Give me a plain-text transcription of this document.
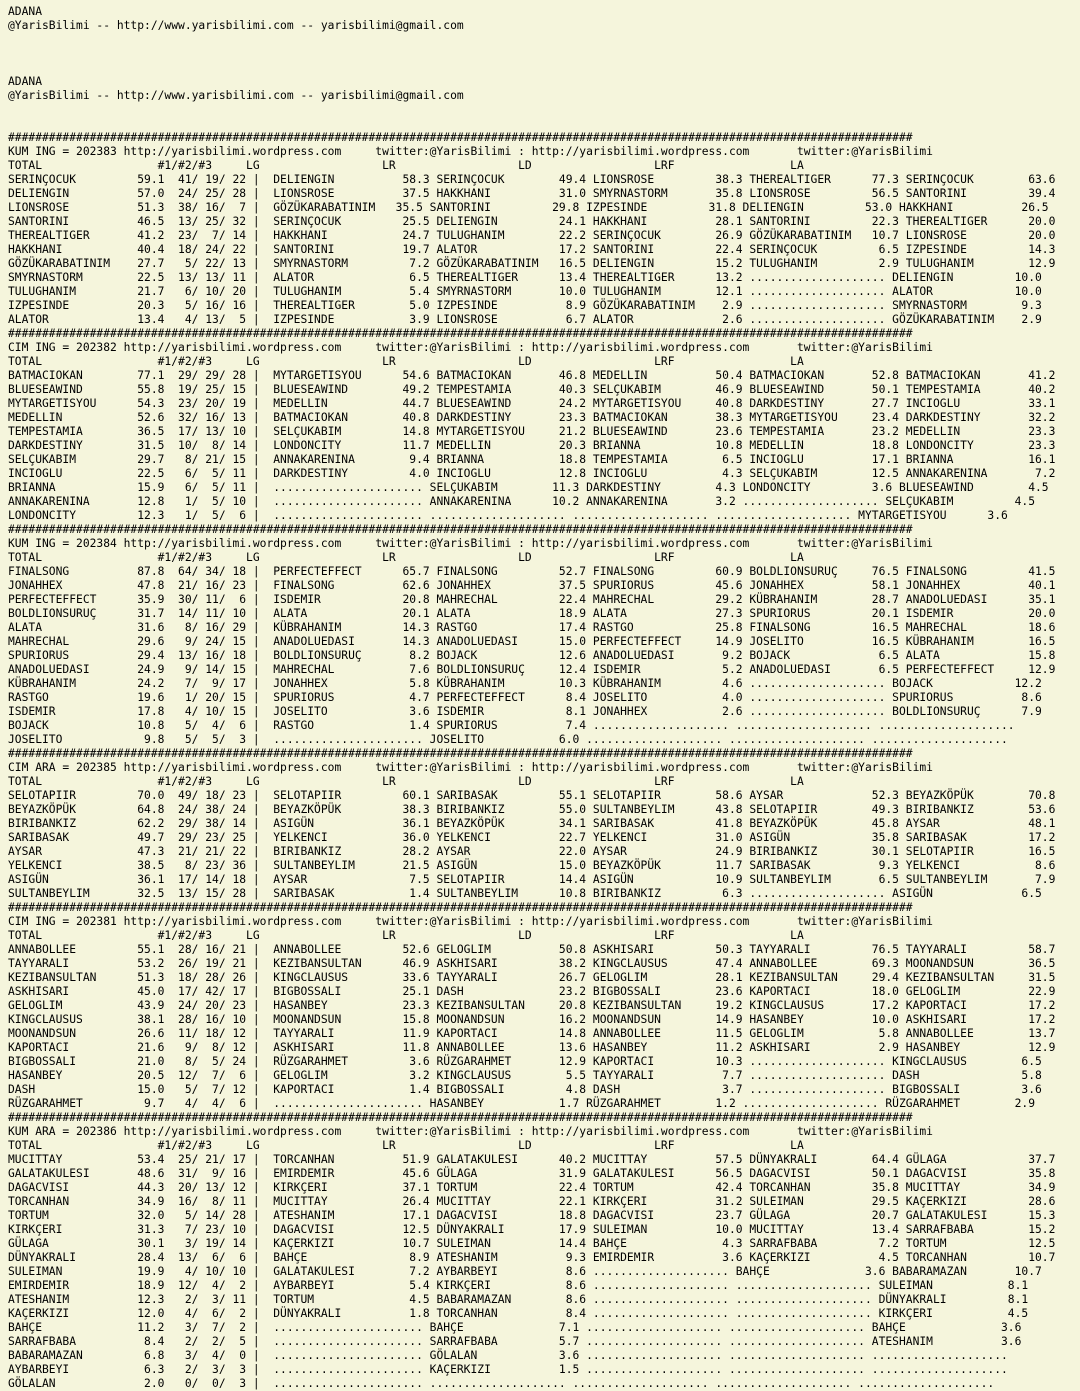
ADANA
@YarisBilimi -- http://www.yarisbilimi.com -- yarisbilimi@gmail.com

ADANA
@YarisBilimi -- http://www.yarisbilimi.com -- yarisbilimi@gmail.com

#####################################################################################################################################
KUM ING = 202383 http://yarisbilimi.wordpress.com     twitter:@YarisBilimi : http://yarisbilimi.wordpress.com       twitter:@YarisBilimi
TOTAL                 #1/#2/#3     LG                  LR                  LD                  LRF                 LA
SERINÇOCUK         59.1  41/ 19/ 22 |  DELIENGIN          58.3 SERINÇOCUK        49.4 LIONSROSE         38.3 THEREALTIGER      77.3 SERINÇOCUK        63.6
DELIENGIN          57.0  24/ 25/ 28 |  LIONSROSE          37.5 HAKKHANI          31.0 SMYRNASTORM       35.8 LIONSROSE         56.5 SANTORINI         39.4
LIONSROSE          51.3  38/ 16/  7 |  GÖZÜKARABATINIM   35.5 SANTORINI         29.8 IZPESINDE         31.8 DELIENGIN         53.0 HAKKHANI          26.5
SANTORINI          46.5  13/ 25/ 32 |  SERINÇOCUK         25.5 DELIENGIN         24.1 HAKKHANI          28.1 SANTORINI         22.3 THEREALTIGER      20.0
THEREALTIGER       41.2  23/  7/ 14 |  HAKKHANI           24.7 TULUGHANIM        22.2 SERINÇOCUK        26.9 GÖZÜKARABATINIM   10.7 LIONSROSE         20.0
HAKKHANI           40.4  18/ 24/ 22 |  SANTORINI          19.7 ALATOR            17.2 SANTORINI         22.4 SERINÇOCUK         6.5 IZPESINDE         14.3
GÖZÜKARABATINIM    27.7   5/ 22/ 13 |  SMYRNASTORM         7.2 GÖZÜKARABATINIM   16.5 DELIENGIN         15.2 TULUGHANIM         2.9 TULUGHANIM        12.9
SMYRNASTORM        22.5  13/ 13/ 11 |  ALATOR              6.5 THEREALTIGER      13.4 THEREALTIGER      13.2 .................... DELIENGIN         10.0
TULUGHANIM         21.7   6/ 10/ 20 |  TULUGHANIM          5.4 SMYRNASTORM       10.0 TULUGHANIM        12.1 .................... ALATOR            10.0
IZPESINDE          20.3   5/ 16/ 16 |  THEREALTIGER        5.0 IZPESINDE          8.9 GÖZÜKARABATINIM    2.9 .................... SMYRNASTORM        9.3
ALATOR             13.4   4/ 13/  5 |  IZPESINDE           3.9 LIONSROSE          6.7 ALATOR             2.6 .................... GÖZÜKARABATINIM    2.9
#####################################################################################################################################
CIM ING = 202382 http://yarisbilimi.wordpress.com     twitter:@YarisBilimi : http://yarisbilimi.wordpress.com       twitter:@YarisBilimi
TOTAL                 #1/#2/#3     LG                  LR                  LD                  LRF                 LA
BATMACIOKAN        77.1  29/ 29/ 28 |  MYTARGETISYOU      54.6 BATMACIOKAN       46.8 MEDELLIN          50.4 BATMACIOKAN       52.8 BATMACIOKAN       41.2
BLUESEAWIND        55.8  19/ 25/ 15 |  BLUESEAWIND        49.2 TEMPESTAMIA       40.3 SELÇUKABIM        46.9 BLUESEAWIND       50.1 TEMPESTAMIA       40.2
MYTARGETISYOU      54.3  23/ 20/ 19 |  MEDELLIN           44.7 BLUESEAWIND       24.2 MYTARGETISYOU     40.8 DARKDESTINY       27.7 INCIOGLU          33.1
MEDELLIN           52.6  32/ 16/ 13 |  BATMACIOKAN        40.8 DARKDESTINY       23.3 BATMACIOKAN       38.3 MYTARGETISYOU     23.4 DARKDESTINY       32.2
TEMPESTAMIA        36.5  17/ 13/ 10 |  SELÇUKABIM         14.8 MYTARGETISYOU     21.2 BLUESEAWIND       23.6 TEMPESTAMIA       23.2 MEDELLIN          23.3
DARKDESTINY        31.5  10/  8/ 14 |  LONDONCITY         11.7 MEDELLIN          20.3 BRIANNA           10.8 MEDELLIN          18.8 LONDONCITY        23.3
SELÇUKABIM         29.7   8/ 21/ 15 |  ANNAKARENINA        9.4 BRIANNA           18.8 TEMPESTAMIA        6.5 INCIOGLU          17.1 BRIANNA           16.1
INCIOGLU           22.5   6/  5/ 11 |  DARKDESTINY         4.0 INCIOGLU          12.8 INCIOGLU           4.3 SELÇUKABIM        12.5 ANNAKARENINA       7.2
BRIANNA            15.9   6/  5/ 11 |  ...................... SELÇUKABIM        11.3 DARKDESTINY        4.3 LONDONCITY         3.6 BLUESEAWIND        4.5
ANNAKARENINA       12.8   1/  5/ 10 |  ...................... ANNAKARENINA      10.2 ANNAKARENINA       3.2 .................... SELÇUKABIM         4.5
LONDONCITY         12.3   1/  5/  6 |  ...................... .................... .................... .................... MYTARGETISYOU      3.6
#####################################################################################################################################
KUM ING = 202384 http://yarisbilimi.wordpress.com     twitter:@YarisBilimi : http://yarisbilimi.wordpress.com       twitter:@YarisBilimi
TOTAL                 #1/#2/#3     LG                  LR                  LD                  LRF                 LA
FINALSONG          87.8  64/ 34/ 18 |  PERFECTEFFECT      65.7 FINALSONG         52.7 FINALSONG         60.9 BOLDLIONSURUÇ     76.5 FINALSONG         41.5
JONAHHEX           47.8  21/ 16/ 23 |  FINALSONG          62.6 JONAHHEX          37.5 SPURIORUS         45.6 JONAHHEX          58.1 JONAHHEX          40.1
PERFECTEFFECT      35.9  30/ 11/  6 |  ISDEMIR            20.8 MAHRECHAL         22.4 MAHRECHAL         29.2 KÜBRAHANIM        28.7 ANADOLUEDASI      35.1
BOLDLIONSURUÇ      31.7  14/ 11/ 10 |  ALATA              20.1 ALATA             18.9 ALATA             27.3 SPURIORUS         20.1 ISDEMIR           20.0
ALATA              31.6   8/ 16/ 29 |  KÜBRAHANIM         14.3 RASTGO            17.4 RASTGO            25.8 FINALSONG         16.5 MAHRECHAL         18.6
MAHRECHAL          29.6   9/ 24/ 15 |  ANADOLUEDASI       14.3 ANADOLUEDASI      15.0 PERFECTEFFECT     14.9 JOSELITO          16.5 KÜBRAHANIM        16.5
SPURIORUS          29.4  13/ 16/ 18 |  BOLDLIONSURUÇ       8.2 BOJACK            12.6 ANADOLUEDASI       9.2 BOJACK             6.5 ALATA             15.8
ANADOLUEDASI       24.9   9/ 14/ 15 |  MAHRECHAL           7.6 BOLDLIONSURUÇ     12.4 ISDEMIR            5.2 ANADOLUEDASI       6.5 PERFECTEFFECT     12.9
KÜBRAHANIM         24.2   7/  9/ 17 |  JONAHHEX            5.8 KÜBRAHANIM        10.3 KÜBRAHANIM         4.6 .................... BOJACK            12.2
RASTGO             19.6   1/ 20/ 15 |  SPURIORUS           4.7 PERFECTEFFECT      8.4 JOSELITO           4.0 .................... SPURIORUS          8.6
ISDEMIR            17.8   4/ 10/ 15 |  JOSELITO            3.6 ISDEMIR            8.1 JONAHHEX           2.6 .................... BOLDLIONSURUÇ      7.9
BOJACK             10.8   5/  4/  6 |  RASTGO              1.4 SPURIORUS          7.4 .................... .................... ....................
JOSELITO            9.8   5/  5/  3 |  ...................... JOSELITO           6.0 .................... .................... ....................
#####################################################################################################################################
CIM ARA = 202385 http://yarisbilimi.wordpress.com     twitter:@YarisBilimi : http://yarisbilimi.wordpress.com       twitter:@YarisBilimi
TOTAL                 #1/#2/#3     LG                  LR                  LD                  LRF                 LA
SELOTAPIIR         70.0  49/ 18/ 23 |  SELOTAPIIR         60.1 SARIBASAK         55.1 SELOTAPIIR        58.6 AYSAR             52.3 BEYAZKÖPÜK        70.8
BEYAZKÖPÜK         64.8  24/ 38/ 24 |  BEYAZKÖPÜK         38.3 BIRIBANKIZ        55.0 SULTANBEYLIM      43.8 SELOTAPIIR        49.3 BIRIBANKIZ        53.6
BIRIBANKIZ         62.2  29/ 38/ 14 |  ASIGÜN             36.1 BEYAZKÖPÜK        34.1 SARIBASAK         41.8 BEYAZKÖPÜK        45.8 AYSAR             48.1
SARIBASAK          49.7  29/ 23/ 25 |  YELKENCI           36.0 YELKENCI          22.7 YELKENCI          31.0 ASIGÜN            35.8 SARIBASAK         17.2
AYSAR              47.3  21/ 21/ 22 |  BIRIBANKIZ         28.2 AYSAR             22.0 AYSAR             24.9 BIRIBANKIZ        30.1 SELOTAPIIR        16.5
YELKENCI           38.5   8/ 23/ 36 |  SULTANBEYLIM       21.5 ASIGÜN            15.0 BEYAZKÖPÜK        11.7 SARIBASAK          9.3 YELKENCI           8.6
ASIGÜN             36.1  17/ 14/ 18 |  AYSAR               7.5 SELOTAPIIR        14.4 ASIGÜN            10.9 SULTANBEYLIM       6.5 SULTANBEYLIM       7.9
SULTANBEYLIM       32.5  13/ 15/ 28 |  SARIBASAK           1.4 SULTANBEYLIM      10.8 BIRIBANKIZ         6.3 .................... ASIGÜN             6.5
#####################################################################################################################################
CIM ING = 202381 http://yarisbilimi.wordpress.com     twitter:@YarisBilimi : http://yarisbilimi.wordpress.com       twitter:@YarisBilimi
TOTAL                 #1/#2/#3     LG                  LR                  LD                  LRF                 LA
ANNABOLLEE         55.1  28/ 16/ 21 |  ANNABOLLEE         52.6 GELOGLIM          50.8 ASKHISARI         50.3 TAYYARALI         76.5 TAYYARALI         58.7
TAYYARALI          53.2  26/ 19/ 21 |  KEZIBANSULTAN      46.9 ASKHISARI         38.2 KINGCLAUSUS       47.4 ANNABOLLEE        69.3 MOONANDSUN        36.5
KEZIBANSULTAN      51.3  18/ 28/ 26 |  KINGCLAUSUS        33.6 TAYYARALI         26.7 GELOGLIM          28.1 KEZIBANSULTAN     29.4 KEZIBANSULTAN     31.5
ASKHISARI          45.0  17/ 42/ 17 |  BIGBOSSALI         25.1 DASH              23.2 BIGBOSSALI        23.6 KAPORTACI         18.0 GELOGLIM          22.9
GELOGLIM           43.9  24/ 20/ 23 |  HASANBEY           23.3 KEZIBANSULTAN     20.8 KEZIBANSULTAN     19.2 KINGCLAUSUS       17.2 KAPORTACI         17.2
KINGCLAUSUS        38.1  28/ 16/ 10 |  MOONANDSUN         15.8 MOONANDSUN        16.2 MOONANDSUN        14.9 HASANBEY          10.0 ASKHISARI         17.2
MOONANDSUN         26.6  11/ 18/ 12 |  TAYYARALI          11.9 KAPORTACI         14.8 ANNABOLLEE        11.5 GELOGLIM           5.8 ANNABOLLEE        13.7
KAPORTACI          21.6   9/  8/ 12 |  ASKHISARI          11.8 ANNABOLLEE        13.6 HASANBEY          11.2 ASKHISARI          2.9 HASANBEY          12.9
BIGBOSSALI         21.0   8/  5/ 24 |  RÜZGARAHMET         3.6 RÜZGARAHMET       12.9 KAPORTACI         10.3 .................... KINGCLAUSUS        6.5
HASANBEY           20.5  12/  7/  6 |  GELOGLIM            3.2 KINGCLAUSUS        5.5 TAYYARALI          7.7 .................... DASH               5.8
DASH               15.0   5/  7/ 12 |  KAPORTACI           1.4 BIGBOSSALI         4.8 DASH               3.7 .................... BIGBOSSALI         3.6
RÜZGARAHMET         9.7   4/  4/  6 |  ...................... HASANBEY           1.7 RÜZGARAHMET        1.2 .................... RÜZGARAHMET        2.9
#####################################################################################################################################
KUM ARA = 202386 http://yarisbilimi.wordpress.com     twitter:@YarisBilimi : http://yarisbilimi.wordpress.com       twitter:@YarisBilimi
TOTAL                 #1/#2/#3     LG                  LR                  LD                  LRF                 LA
MUCITTAY           53.4  25/ 21/ 17 |  TORCANHAN          51.9 GALATAKULESI      40.2 MUCITTAY          57.5 DÜNYAKRALI        64.4 GÜLAGA            37.7
GALATAKULESI       48.6  31/  9/ 16 |  EMIRDEMIR          45.6 GÜLAGA            31.9 GALATAKULESI      56.5 DAGACVISI         50.1 DAGACVISI         35.8
DAGACVISI          44.3  20/ 13/ 12 |  KIRKÇERI           37.1 TORTUM            22.4 TORTUM            42.4 TORCANHAN         35.8 MUCITTAY          34.9
TORCANHAN          34.9  16/  8/ 11 |  MUCITTAY           26.4 MUCITTAY          22.1 KIRKÇERI          31.2 SULEIMAN          29.5 KAÇERKIZI         28.6
TORTUM             32.0   5/ 14/ 28 |  ATESHANIM          17.1 DAGACVISI         18.8 DAGACVISI         23.7 GÜLAGA            20.7 GALATAKULESI      15.3
KIRKÇERI           31.3   7/ 23/ 10 |  DAGACVISI          12.5 DÜNYAKRALI        17.9 SULEIMAN          10.0 MUCITTAY          13.4 SARRAFBABA        15.2
GÜLAGA             30.1   3/ 19/ 14 |  KAÇERKIZI          10.7 SULEIMAN          14.4 BAHÇE              4.3 SARRAFBABA         7.2 TORTUM            12.5
DÜNYAKRALI         28.4  13/  6/  6 |  BAHÇE               8.9 ATESHANIM          9.3 EMIRDEMIR          3.6 KAÇERKIZI          4.5 TORCANHAN         10.7
SULEIMAN           19.9   4/ 10/ 10 |  GALATAKULESI        7.2 AYBARBEYI          8.6 .................... BAHÇE              3.6 BABARAMAZAN       10.7
EMIRDEMIR          18.9  12/  4/  2 |  AYBARBEYI           5.4 KIRKÇERI           8.6 .................... .................... SULEIMAN           8.1
ATESHANIM          12.3   2/  3/ 11 |  TORTUM              4.5 BABARAMAZAN        8.6 .................... .................... DÜNYAKRALI         8.1
KAÇERKIZI          12.0   4/  6/  2 |  DÜNYAKRALI          1.8 TORCANHAN          8.4 .................... .................... KIRKÇERI           4.5
BAHÇE              11.2   3/  7/  2 |  ...................... BAHÇE              7.1 .................... .................... BAHÇE              3.6
SARRAFBABA          8.4   2/  2/  5 |  ...................... SARRAFBABA         5.7 .................... .................... ATESHANIM          3.6
BABARAMAZAN         6.8   3/  4/  0 |  ...................... GÖLALAN            3.6 .................... .................... ....................
AYBARBEYI           6.3   2/  3/  3 |  ...................... KAÇERKIZI          1.5 .................... .................... ....................
GÖLALAN             2.0   0/  0/  3 |  ...................... .................... .................... .................... ....................
